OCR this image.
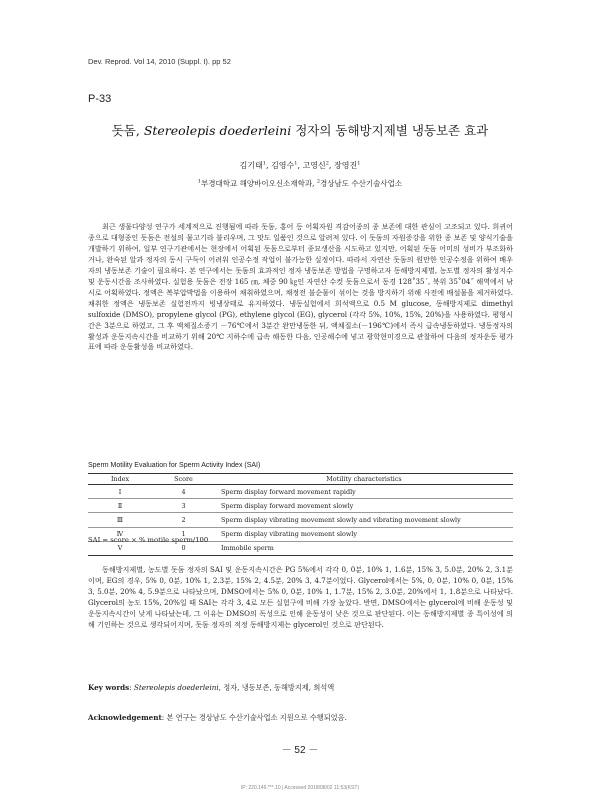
Dev. Reprod. Vol 14, 2010 (Suppl. I). pp 52
P-33
돗돔, Stereolepis doederleini 정자의 동해방지제별 냉동보존 효과
김기태$^1$, 김영수$^1$, 고영신$^2$, 장영진$^1$
$^1$부경대학교 해양바이오신소재학과, $^2$경상남도 수산기술사업소

최근 생물다양성 연구가 세계적으로 진행됨에 따라 돗돔, 홍어 등 어획자원 격감어종의 종 보존에 대한 관심이 고조되고 있다. 희귀어종으로 대형종인 돗돔은 전설의 물고기라 불리우며, 그 맛도 일품인 것으로 알려져 있다. 이 돗돔의 자원증강을 위한 종 보존 및 양식기술을 개발하기 위하여, 일부 연구기관에서는 현장에서 어획된 돗돔으로부터 종묘생산을 시도하고 있지만, 어획된 돗돔 어미의 성비가 부조화하거나, 완숙된 알과 정자의 동시 구득이 어려워 인공수정 작업이 불가능한 실정이다. 따라서 자연산 돗돔의 원만한 인공수정을 위하여 배우자의 냉동보존 기술이 필요하다. 본 연구에서는 돗돔의 효과적인 정자 냉동보존 방법을 구명하고자 동해방지제별, 농도별 정자의 활성지수 및 운동시간을 조사하였다. 실험용 돗돔은 전장 165 ㎝, 체중 90 ㎏인 자연산 수컷 돗돔으로서 동경 128˚35´, 북위 35˚04˝ 해역에서 낚시로 어획하였다. 정액은 복부압박법을 이용하여 채취하였으며, 채정전 불순물이 섞이는 것을 방지하기 위해 사전에 배설물을 제거하였다. 채취한 정액은 냉동보존 실험전까지 빙냉상태로 유지하였다. 냉동실험에서 희석액으로 0.5 M glucose, 동해방지제로 dimethyl sulfoxide (DMSO), propylene glycol (PG), ethylene glycol (EG), glycerol (각각 5%, 10%, 15%, 20%)을 사용하였다. 평형시간은 3분으로 하였고, 그 후 액체질소증기 －76℃에서 3분간 완만냉동한 뒤, 액체질소(－196℃)에서 즉시 급속냉동하였다. 냉동정자의 활성과 운동지속시간을 비교하기 위해 20℃ 지하수에 급속 해동한 다음, 인공해수에 넣고 광학현미경으로 관찰하여 다음의 정자운동 평가표에 따라 운동활성을 비교하였다.

Sperm Motility Evaluation for Sperm Activity Index (SAI)
Index	Score	Motility characteristics
Ⅰ	4	Sperm display forward movement rapidly
Ⅱ	3	Sperm display forward movement slowly
Ⅲ	2	Sperm display vibrating movement slowly and vibrating movement slowly
Ⅳ	1	Sperm display vibrating movement slowly
Ⅴ	0	Immobile sperm
SAI = score × % motile sperm/100

동해방지제별, 농도별 돗돔 정자의 SAI 및 운동지속시간은 PG 5%에서 각각 0, 0분, 10% 1, 1.6분, 15% 3, 5.0분, 20% 2, 3.1분이며, EG의 경우, 5% 0, 0분, 10% 1, 2.3분, 15% 2, 4.5분, 20% 3, 4.7분이었다. Glycerol에서는 5%, 0, 0분, 10% 0, 0분, 15% 3, 5.0분, 20% 4, 5.9분으로 나타났으며, DMSO에서는 5% 0, 0분, 10% 1, 1.7분, 15% 2, 3.0분, 20%에서 1, 1.8분으로 나타났다. Glycerol의 농도 15%, 20%일 때 SAI는 각각 3, 4로 모든 실험구에 비해 가장 높았다. 반면, DMSO에서는 glycerol에 비해 운동성 및 운동지속시간이 낮게 나타났는데, 그 이유는 DMSO의 독성으로 인해 운동성이 낮은 것으로 판단된다. 이는 동해방지제별 종 특이성에 의해 기인하는 것으로 생각되어지며, 돗돔 정자의 적정 동해방지제는 glycerol인 것으로 판단된다.

Key words: Stereolepis doederleini, 정자, 냉동보존, 동해방지제, 희석액
Acknowledgement: 본 연구는 경상남도 수산기술사업소 지원으로 수행되었음.
－ 52 －
IP: 220.149.***.10 | Accessed 2018/08/02 11:53(KST)
